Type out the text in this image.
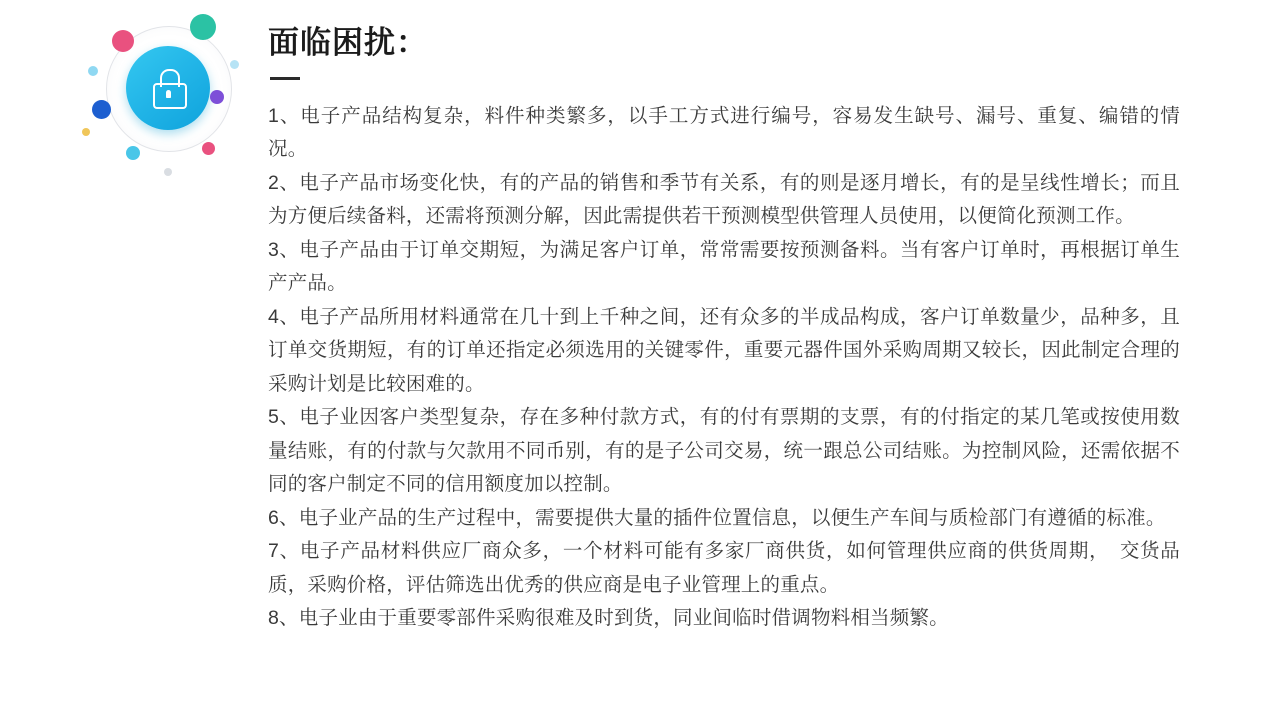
面临困扰：

1、电子产品结构复杂，料件种类繁多，以手工方式进行编号，容易发生缺号、漏号、重复、编错的情况。

2、电子产品市场变化快，有的产品的销售和季节有关系，有的则是逐月增长，有的是呈线性增长；而且为方便后续备料，还需将预测分解，因此需提供若干预测模型供管理人员使用，以便简化预测工作。

3、电子产品由于订单交期短，为满足客户订单，常常需要按预测备料。当有客户订单时，再根据订单生产产品。

4、电子产品所用材料通常在几十到上千种之间，还有众多的半成品构成，客户订单数量少，品种多，且订单交货期短，有的订单还指定必须选用的关键零件，重要元器件国外采购周期又较长，因此制定合理的采购计划是比较困难的。

5、电子业因客户类型复杂，存在多种付款方式，有的付有票期的支票，有的付指定的某几笔或按使用数量结账，有的付款与欠款用不同币别，有的是子公司交易，统一跟总公司结账。为控制风险，还需依据不同的客户制定不同的信用额度加以控制。

6、电子业产品的生产过程中，需要提供大量的插件位置信息，以便生产车间与质检部门有遵循的标准。

7、电子产品材料供应厂商众多，一个材料可能有多家厂商供货，如何管理供应商的供货周期，　交货品质，采购价格，评估筛选出优秀的供应商是电子业管理上的重点。

8、电子业由于重要零部件采购很难及时到货，同业间临时借调物料相当频繁。
